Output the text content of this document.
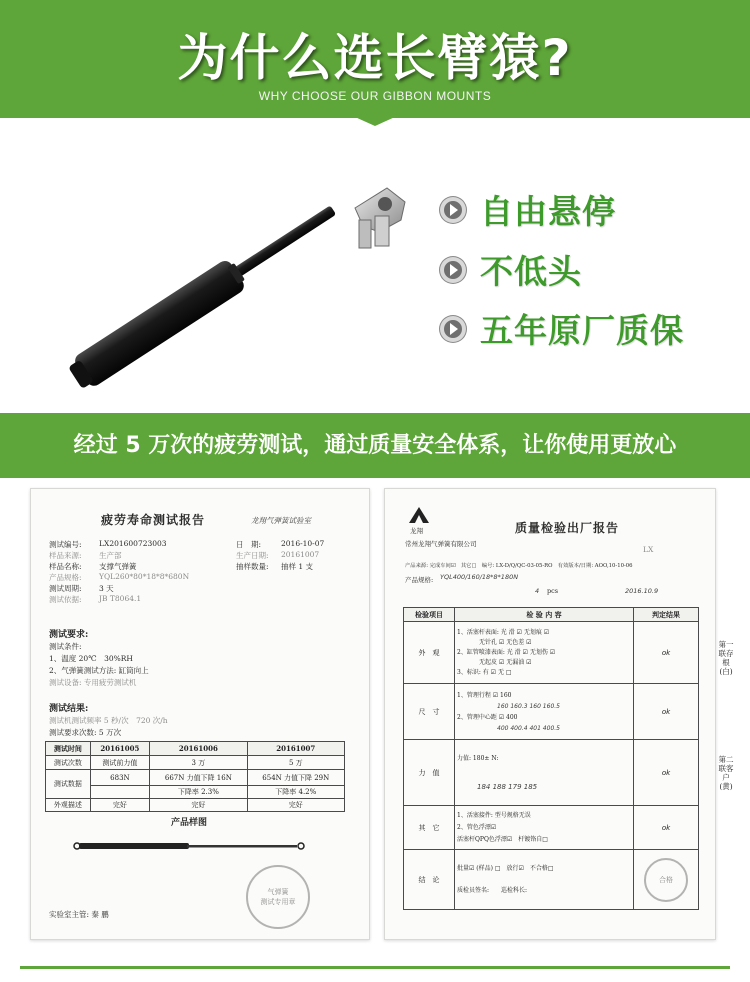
为什么选长臂猿?
WHY CHOOSE OUR GIBBON MOUNTS
自由悬停
不低头
五年原厂质保
经过 5 万次的疲劳测试，通过质量安全体系，让你使用更放心
疲劳寿命测试报告	龙翔气弹簧试验室
测试编号: LX201600723003
样品来源: 生产部
样品名称: 支撑气弹簧
产品规格: YQL260*80*18*8*680N
测试周期: 3 天
测试依据: JB T8064.1
日　期:	2016-10-07
生产日期: 20161007
抽样数量: 抽样 1 支
测试要求:
测试条件:
1、温度 20℃　30%RH
2、气弹簧测试方法: 缸筒向上
测试设备: 专用疲劳测试机
测试结果:
测试机测试频率 5 秒/次　720 次/h
测试要求次数: 5 万次
测试时间	20161005	20161006	20161007
测试次数	测试前力值	3 万	5 万
测试数据	683N	667N 力值下降 16N	654N 力值下降 29N
		下降率 2.3%	下降率 4.2%
外观描述	完好	完好	完好
产品样图
气弹簧
测试专用章
实验室主管: 秦 鹏
龙翔	质量检验出厂报告
常州龙翔气弹簧有限公司
LX
产品来源: 完成车间☑　其它□　编号: LX-D/Q/QC-03-05-RO　有效版本/日期: AOO,10-10-06
产品规格: YQL400/160/18*8*180N
4 pcs	2016.10.9
检验项目	检 验 内 容	判定结果
外　观	1、活塞杆表面: 光 滑 ☑ 无划痕 ☑
无针孔 ☑ 无色差 ☑
2、缸管喷漆表面: 光 滑 ☑ 无划伤 ☑
无起皮 ☑ 无漏油 ☑
3、标识: 有 ☑ 无 □	ok
尺　寸	1、管理行程 ☑ 160
160 160.3 160 160.5
2、管理中心距 ☑ 400
400 400.4 401 400.5	ok
力　值	力值: 180± N:
184 188 179 185	ok
其　它	1、活塞接件: 型号规格无误
2、管色浮漂☑
活塞杆QPQ色浮漂☑　杆镀铬自□	ok
结　论	批量☑ (样品) □　放行☑　不合格□
质检员签名:　　巡检科长:	合格
第一联存根(白)
第二联客户(黄)
